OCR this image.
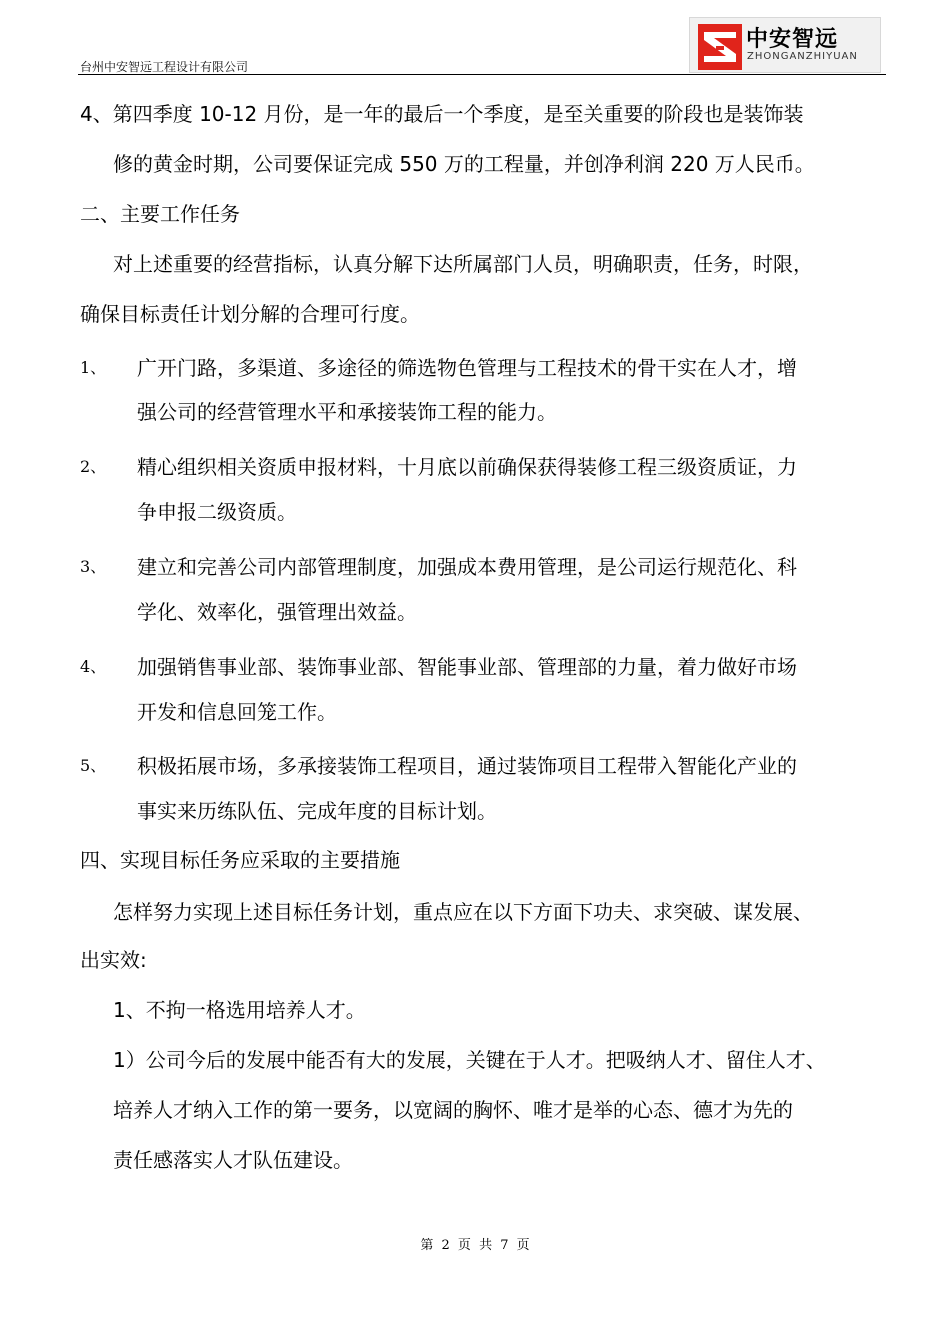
台州中安智远工程设计有限公司
中安智远
ZHONGANZHIYUAN
4、第四季度 10-12 月份，是一年的最后一个季度，是至关重要的阶段也是装饰装
修的黄金时期，公司要保证完成 550 万的工程量，并创净利润 220 万人民币。
二、主要工作任务
对上述重要的经营指标，认真分解下达所属部门人员，明确职责，任务，时限，
确保目标责任计划分解的合理可行度。
1、 广开门路，多渠道、多途径的筛选物色管理与工程技术的骨干实在人才，增
强公司的经营管理水平和承接装饰工程的能力。
2、 精心组织相关资质申报材料，十月底以前确保获得装修工程三级资质证，力
争申报二级资质。
3、 建立和完善公司内部管理制度，加强成本费用管理，是公司运行规范化、科
学化、效率化，强管理出效益。
4、 加强销售事业部、装饰事业部、智能事业部、管理部的力量，着力做好市场
开发和信息回笼工作。
5、 积极拓展市场，多承接装饰工程项目，通过装饰项目工程带入智能化产业的
事实来历练队伍、完成年度的目标计划。
四、实现目标任务应采取的主要措施
怎样努力实现上述目标任务计划，重点应在以下方面下功夫、求突破、谋发展、
出实效:
1、不拘一格选用培养人才。
1）公司今后的发展中能否有大的发展，关键在于人才。把吸纳人才、留住人才、
培养人才纳入工作的第一要务，以宽阔的胸怀、唯才是举的心态、德才为先的
责任感落实人才队伍建设。
第 2 页 共 7 页
